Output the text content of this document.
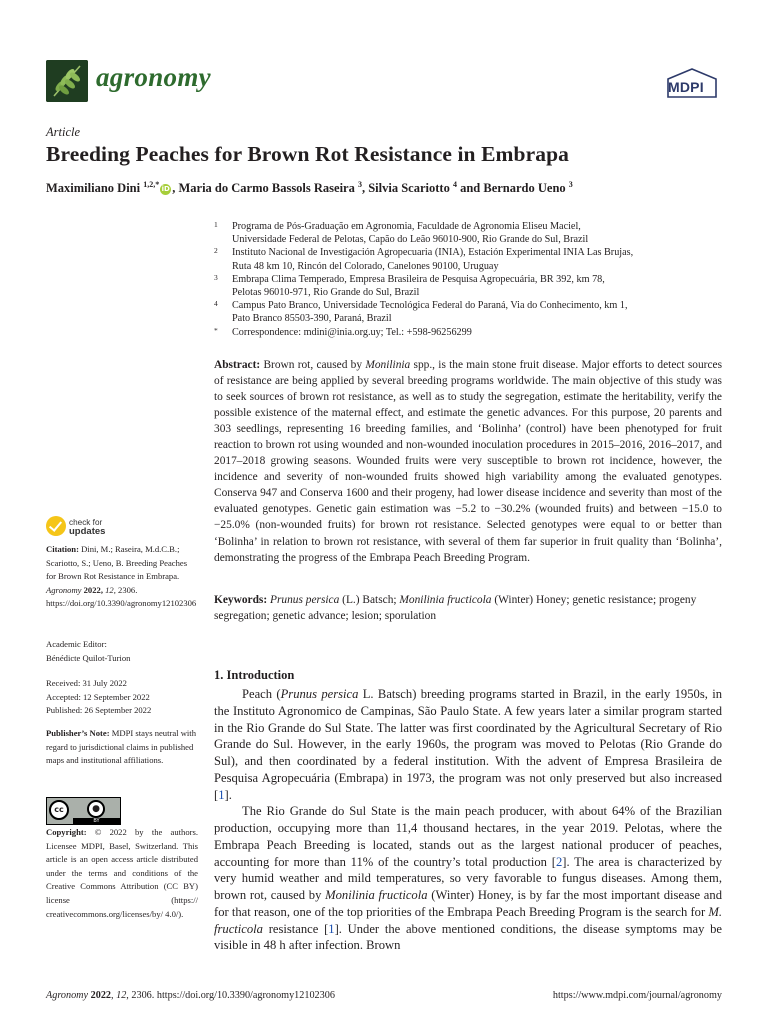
agronomy	MDPI
Article
Breeding Peaches for Brown Rot Resistance in Embrapa
Maximiliano Dini $^{1,2,*}$iD , Maria do Carmo Bassols Raseira $^3$, Silvia Scariotto $^4$ and Bernardo Ueno $^3$
1 Programa de Pós-Graduação em Agronomia, Faculdade de Agronomia Eliseu Maciel,
Universidade Federal de Pelotas, Capão do Leão 96010-900, Rio Grande do Sul, Brazil
2 Instituto Nacional de Investigación Agropecuaria (INIA), Estación Experimental INIA Las Brujas,
Ruta 48 km 10, Rincón del Colorado, Canelones 90100, Uruguay
3 Embrapa Clima Temperado, Empresa Brasileira de Pesquisa Agropecuária, BR 392, km 78,
Pelotas 96010-971, Rio Grande do Sul, Brazil
4 Campus Pato Branco, Universidade Tecnológica Federal do Paraná, Via do Conhecimento, km 1,
Pato Branco 85503-390, Paraná, Brazil
* Correspondence: mdini@inia.org.uy; Tel.: +598-96256299
Abstract: Brown rot, caused by Monilinia spp., is the main stone fruit disease. Major efforts to detect sources of resistance are being applied by several breeding programs worldwide. The main objective of this study was to seek sources of brown rot resistance, as well as to study the segregation, estimate the heritability, verify the possible existence of the maternal effect, and estimate the genetic advances. For this purpose, 20 parents and 303 seedlings, representing 16 breeding families, and ‘Bolinha’ (control) have been phenotyped for fruit reaction to brown rot using wounded and non-wounded inoculation procedures in 2015–2016, 2016–2017, and 2017–2018 growing seasons. Wounded fruits were very susceptible to brown rot incidence, however, the incidence and severity of non-wounded fruits showed high variability among the evaluated genotypes. Conserva 947 and Conserva 1600 and their progeny, had lower disease incidence and severity than most of the evaluated genotypes. Genetic gain estimation was −5.2 to −30.2% (wounded fruits) and between −15.0 to −25.0% (non-wounded fruits) for brown rot resistance. Selected genotypes were equal to or better than ‘Bolinha’ in relation to brown rot resistance, with several of them far superior in fruit quality than ‘Bolinha’, demonstrating the progress of the Embrapa Peach Breeding Program.
Keywords: Prunus persica (L.) Batsch; Monilinia fructicola (Winter) Honey; genetic resistance; progeny segregation; genetic advance; lesion; sporulation
1. Introduction

Peach (Prunus persica L. Batsch) breeding programs started in Brazil, in the early 1950s, in the Instituto Agronomico de Campinas, São Paulo State. A few years later a similar program started in the Rio Grande do Sul State. The latter was first coordinated by the Agricultural Secretary of Rio Grande do Sul. However, in the early 1960s, the program was moved to Pelotas (Rio Grande do Sul), and then coordinated by a federal institution. With the advent of Empresa Brasileira de Pesquisa Agropecuária (Embrapa) in 1973, the program was not only preserved but also increased [1].

The Rio Grande do Sul State is the main peach producer, with about 64% of the Brazilian production, occupying more than 11,4 thousand hectares, in the year 2019. Pelotas, where the Embrapa Peach Breeding is located, stands out as the largest national producer of peaches, accounting for more than 11% of the country’s total production [2]. The area is characterized by very humid weather and mild temperatures, so very favorable to fungus diseases. Among them, brown rot, caused by Monilinia fructicola (Winter) Honey, is by far the most important disease and for that reason, one of the top priorities of the Embrapa Peach Breeding Program is the search for M. fructicola resistance [1]. Under the above mentioned conditions, the disease symptoms may be visible in 48 h after infection. Brown

check for
updates
Citation: Dini, M.; Raseira, M.d.C.B.; Scariotto, S.; Ueno, B. Breeding Peaches for Brown Rot Resistance in Embrapa. Agronomy 2022, 12, 2306. https://doi.org/10.3390/agronomy12102306
Academic Editor:
Bénédicte Quilot-Turion
Received: 31 July 2022
Accepted: 12 September 2022
Published: 26 September 2022
Publisher’s Note: MDPI stays neutral with regard to jurisdictional claims in published maps and institutional affiliations.
cc	●
BY
Copyright: © 2022 by the authors. Licensee MDPI, Basel, Switzerland. This article is an open access article distributed under the terms and conditions of the Creative Commons Attribution (CC BY) license (https:// creativecommons.org/licenses/by/ 4.0/).
Agronomy 2022, 12, 2306. https://doi.org/10.3390/agronomy12102306	https://www.mdpi.com/journal/agronomy
